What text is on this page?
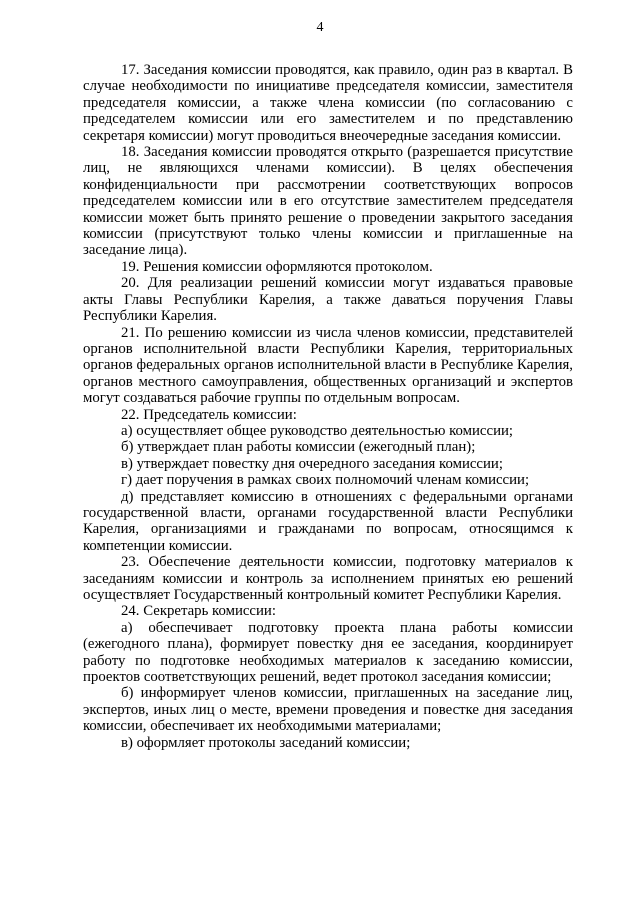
4

17. Заседания комиссии проводятся, как правило, один раз в квартал. В случае необходимости по инициативе председателя комиссии, заместителя председателя комиссии, а также члена комиссии (по согласованию с председателем комиссии или его заместителем и по представлению секретаря комиссии) могут проводиться внеочередные заседания комиссии.

18. Заседания комиссии проводятся открыто (разрешается присутствие лиц, не являющихся членами комиссии). В целях обеспечения конфиденциальности при рассмотрении соответствующих вопросов председателем комиссии или в его отсутствие заместителем председателя комиссии может быть принято решение о проведении закрытого заседания комиссии (присутствуют только члены комиссии и приглашенные на заседание лица).

19. Решения комиссии оформляются протоколом.

20. Для реализации решений комиссии могут издаваться правовые акты Главы Республики Карелия, а также даваться поручения Главы Республики Карелия.

21. По решению комиссии из числа членов комиссии, представителей органов исполнительной власти Республики Карелия, территориальных органов федеральных органов исполнительной власти в Республике Карелия, органов местного самоуправления, общественных организаций и экспертов могут создаваться рабочие группы по отдельным вопросам.

22. Председатель комиссии:

а) осуществляет общее руководство деятельностью комиссии;

б) утверждает план работы комиссии (ежегодный план);

в) утверждает повестку дня очередного заседания комиссии;

г) дает поручения в рамках своих полномочий членам комиссии;

д) представляет комиссию в отношениях с федеральными органами государственной власти, органами государственной власти Республики Карелия, организациями и гражданами по вопросам, относящимся к компетенции комиссии.

23. Обеспечение деятельности комиссии, подготовку материалов к заседаниям комиссии и контроль за исполнением принятых ею решений осуществляет Государственный контрольный комитет Республики Карелия.

24. Секретарь комиссии:

а) обеспечивает подготовку проекта плана работы комиссии (ежегодного плана), формирует повестку дня ее заседания, координирует работу по подготовке необходимых материалов к заседанию комиссии, проектов соответствующих решений, ведет протокол заседания комиссии;

б) информирует членов комиссии, приглашенных на заседание лиц, экспертов, иных лиц о месте, времени проведения и повестке дня заседания комиссии, обеспечивает их необходимыми материалами;

в) оформляет протоколы заседаний комиссии;
